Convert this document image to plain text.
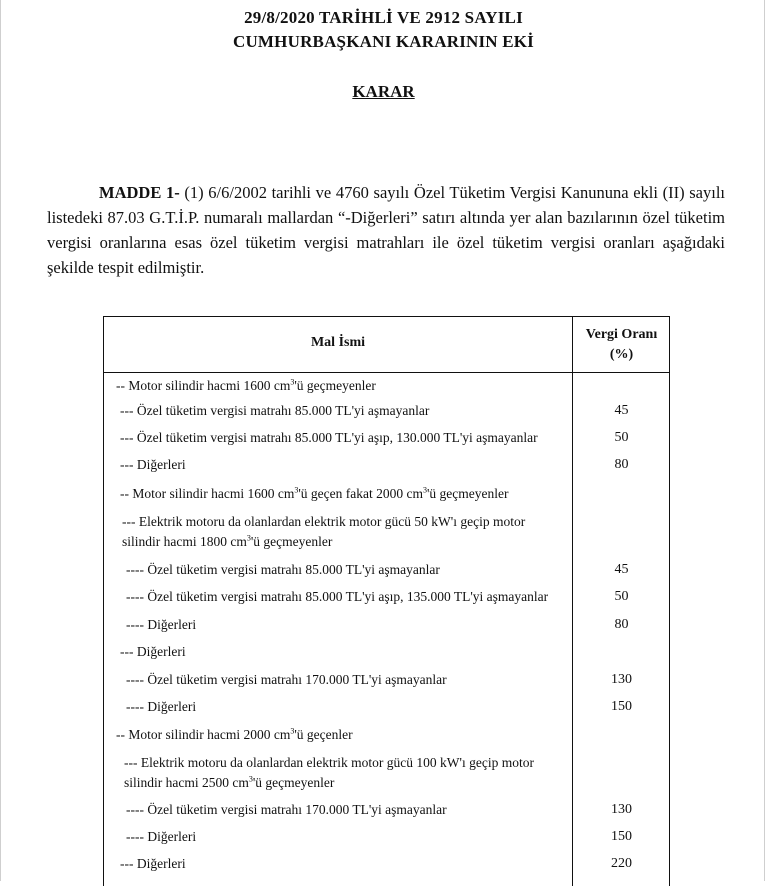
29/8/2020 TARİHLİ VE 2912 SAYILI
CUMHURBAŞKANI KARARININ EKİ
KARAR
MADDE 1- (1) 6/6/2002 tarihli ve 4760 sayılı Özel Tüketim Vergisi Kanununa ekli (II) sayılı listedeki 87.03 G.T.İ.P. numaralı mallardan “-Diğerleri” satırı altında yer alan bazılarının özel tüketim vergisi oranlarına esas özel tüketim vergisi matrahları ile özel tüketim vergisi oranları aşağıdaki şekilde tespit edilmiştir.
Mal İsmi
Vergi Oranı
(%)
-- Motor silindir hacmi 1600 $cm^3'ü$ geçmeyenler
--- Özel tüketim vergisi matrahı 85.000 TL'yi aşmayanlar	45
--- Özel tüketim vergisi matrahı 85.000 TL'yi aşıp, 130.000 TL'yi aşmayanlar	50
--- Diğerleri	80
-- Motor silindir hacmi 1600 $cm^3'ü$ geçen fakat 2000 $cm^3'ü$ geçmeyenler
--- Elektrik motoru da olanlardan elektrik motor gücü 50 kW'ı geçip motor silindir hacmi 1800 $cm^3'ü$ geçmeyenler
---- Özel tüketim vergisi matrahı 85.000 TL'yi aşmayanlar	45
---- Özel tüketim vergisi matrahı 85.000 TL'yi aşıp, 135.000 TL'yi aşmayanlar	50
---- Diğerleri	80
--- Diğerleri
---- Özel tüketim vergisi matrahı 170.000 TL'yi aşmayanlar	130
---- Diğerleri	150
-- Motor silindir hacmi 2000 $cm^3'ü$ geçenler
--- Elektrik motoru da olanlardan elektrik motor gücü 100 kW'ı geçip motor silindir hacmi 2500 $cm^3'ü$ geçmeyenler
---- Özel tüketim vergisi matrahı 170.000 TL'yi aşmayanlar	130
---- Diğerleri	150
--- Diğerleri	220
